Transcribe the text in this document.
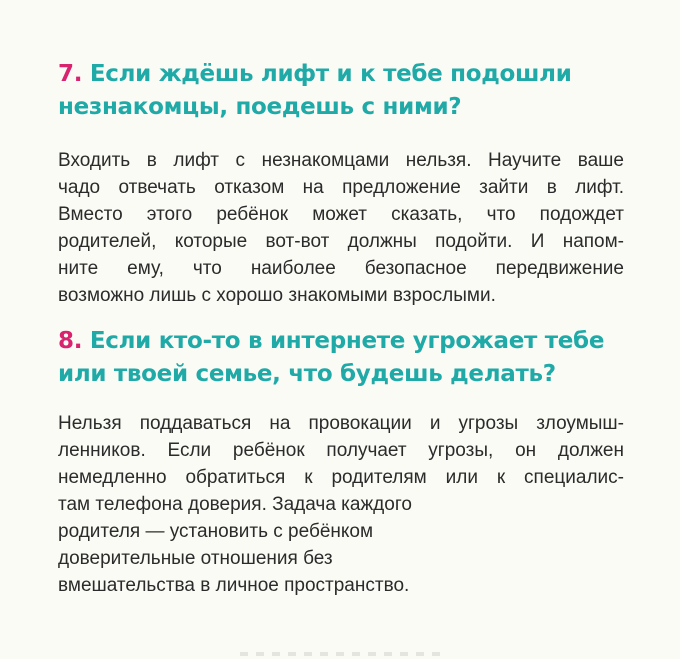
7. Если ждёшь лифт и к тебе подошли
незнакомцы, поедешь с ними?

Входить в лифт с незнакомцами нельзя. Научите ваше
чадо отвечать отказом на предложение зайти в лифт.
Вместо этого ребёнок может сказать, что подождет
родителей, которые вот-вот должны подойти. И напом-
ните ему, что наиболее безопасное передвижение
возможно лишь с хорошо знакомыми взрослыми.

8. Если кто-то в интернете угрожает тебе
или твоей семье, что будешь делать?

Нельзя поддаваться на провокации и угрозы злоумыш-
ленников. Если ребёнок получает угрозы, он должен
немедленно обратиться к родителям или к специалис-
там телефона доверия. Задача каждого
родителя — установить с ребёнком
доверительные отношения без
вмешательства в личное пространство.
